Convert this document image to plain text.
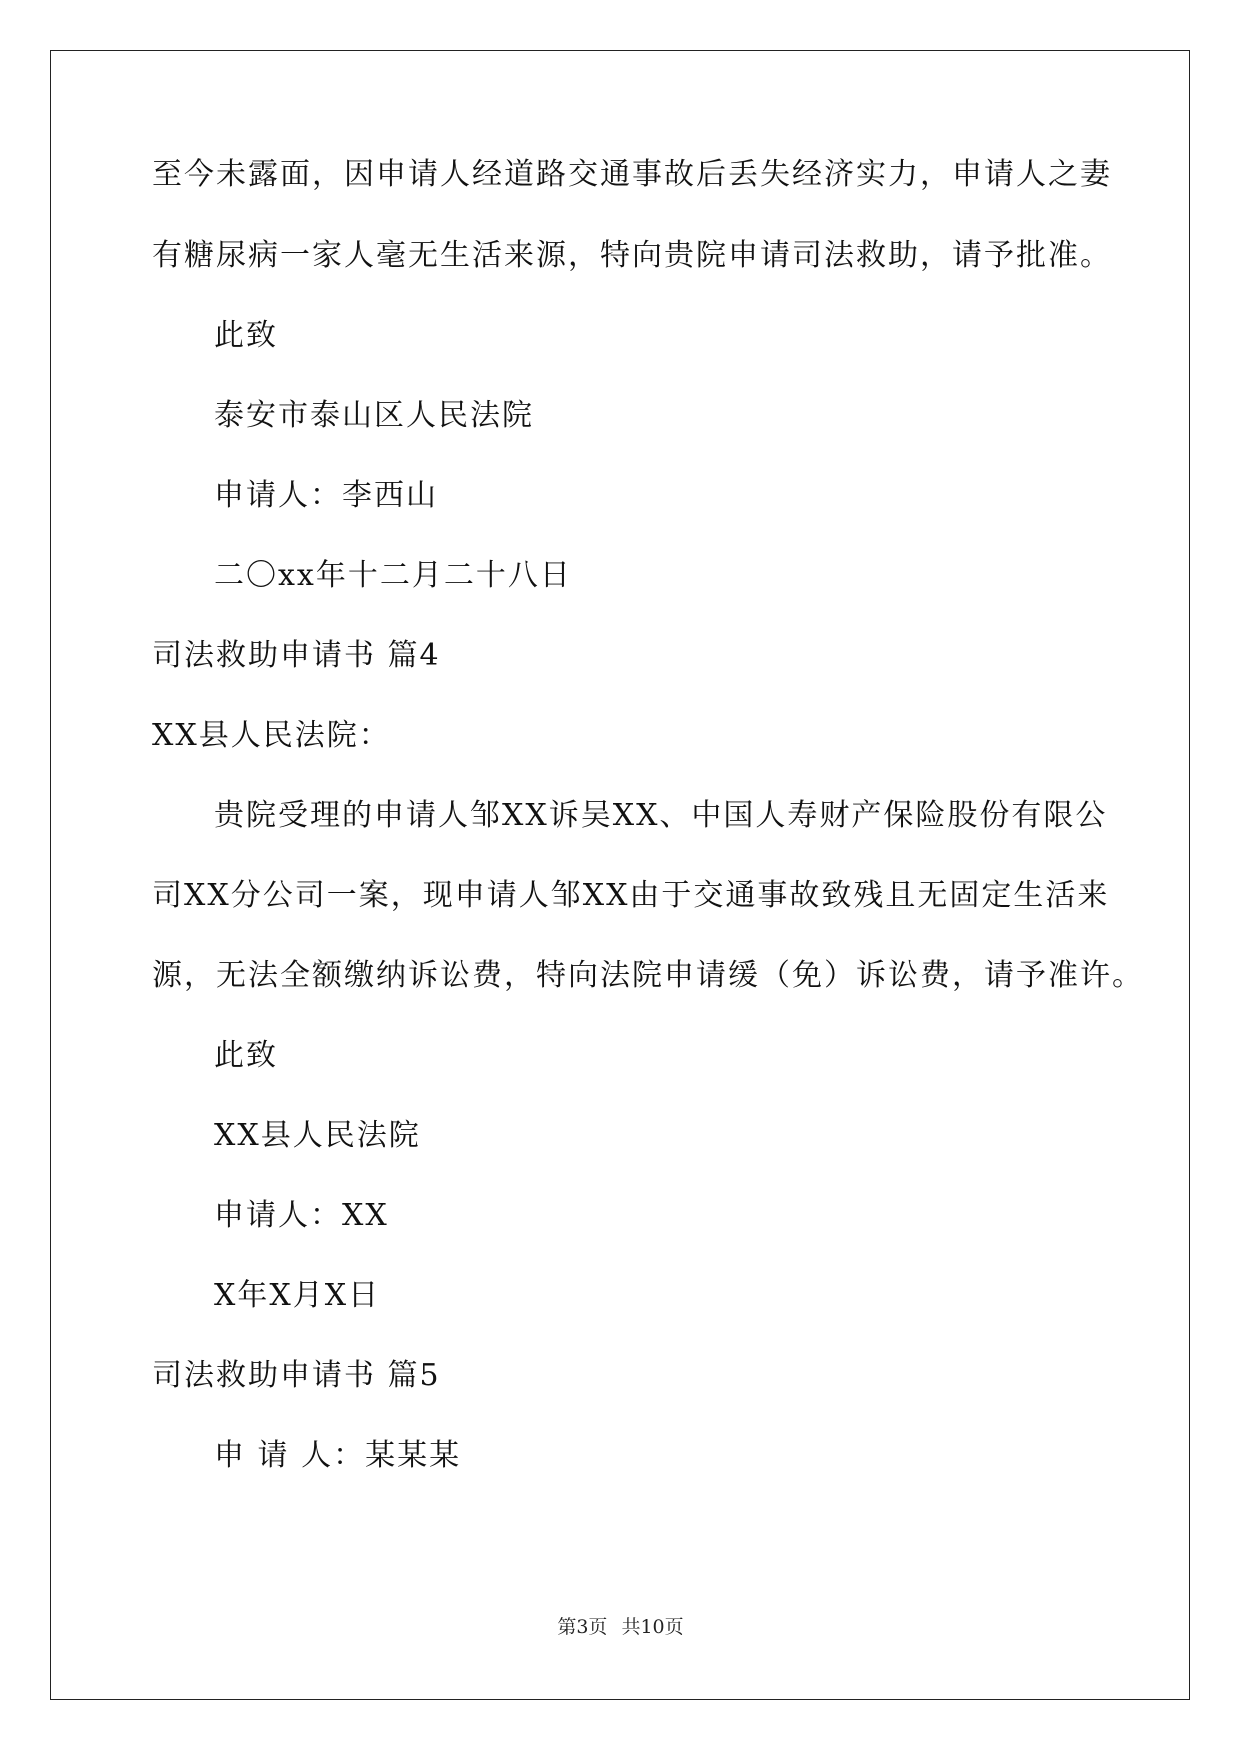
至今未露面，因申请人经道路交通事故后丢失经济实力，申请人之妻
有糖尿病一家人毫无生活来源，特向贵院申请司法救助，请予批准。
此致
泰安市泰山区人民法院
申请人：李西山
二〇xx年十二月二十八日
司法救助申请书 篇4
XX县人民法院：
贵院受理的申请人邹XX诉吴XX、中国人寿财产保险股份有限公
司XX分公司一案，现申请人邹XX由于交通事故致残且无固定生活来
源，无法全额缴纳诉讼费，特向法院申请缓（免）诉讼费，请予准许。
此致
XX县人民法院
申请人：XX
X年X月X日
司法救助申请书 篇5
申 请 人：某某某
第3页 共10页
